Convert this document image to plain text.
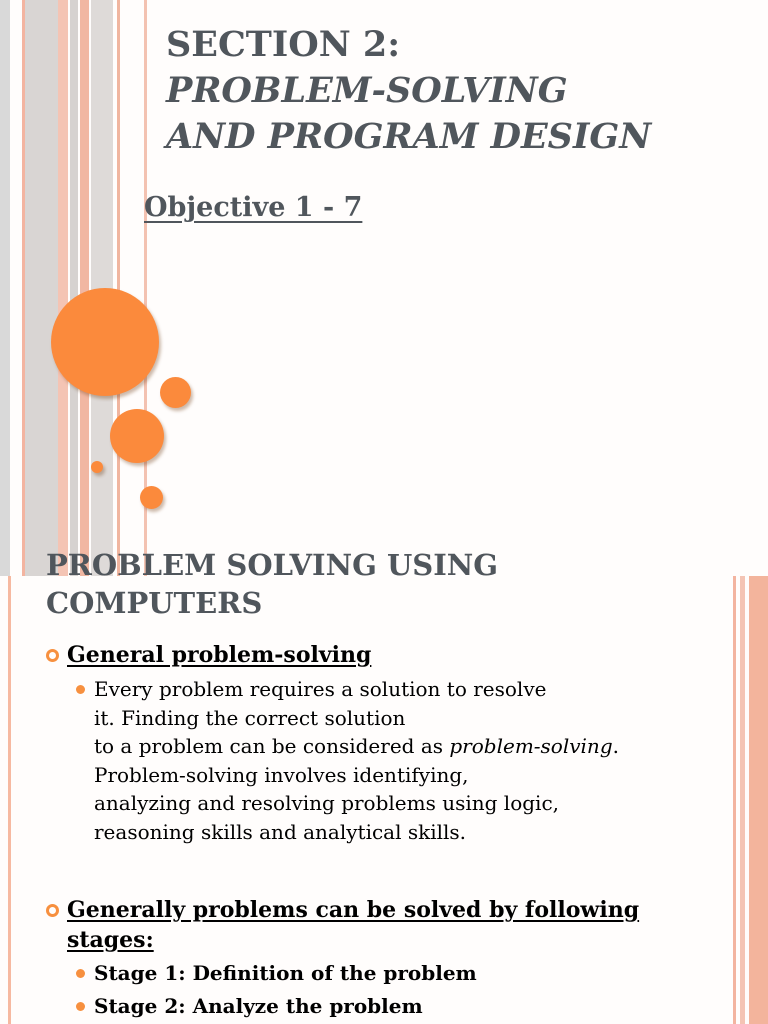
SECTION 2:
PROBLEM-SOLVING
AND PROGRAM DESIGN
Objective 1 - 7
PROBLEM SOLVING USING
COMPUTERS
General problem-solving
Every problem requires a solution to resolve
it. Finding the correct solution
to a problem can be considered as problem-solving.
Problem-solving involves identifying,
analyzing and resolving problems using logic,
reasoning skills and analytical skills.
Generally problems can be solved by following
stages:
Stage 1: Definition of the problem
Stage 2: Analyze the problem
